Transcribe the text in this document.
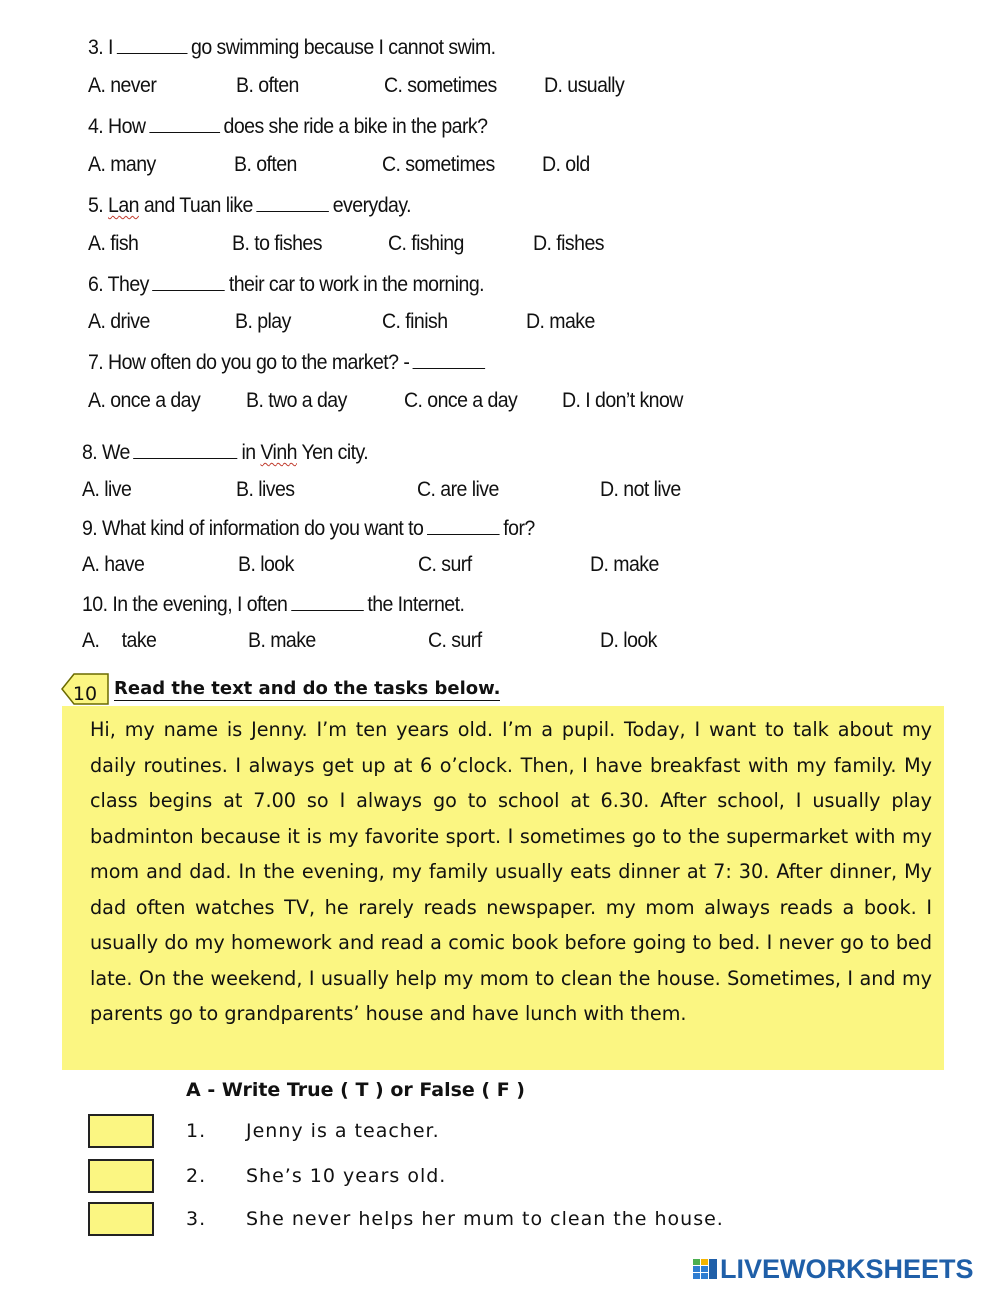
3. I	go swimming because I cannot swim.
A. never	B. often	C. sometimes D. usually
4. How	does she ride a bike in the park?
A. many	B. often	C. sometimes D. old
5. Lan and Tuan like	everyday.
A. fish	B. to fishes	C. fishing	D. fishes
6. They	their car to work in the morning.
A. drive	B. play	C. finish	D. make
7. How often do you go to the market? -
A. once a day B. two a day	C. once a day D. I don’t know
8. We	in Vinh Yen city.
A. live	B. lives	C. are live	D. not live
9. What kind of information do you want to	for?
A. have	B. look	C. surf	D. make
10. In the evening, I often	the Internet.
A. take	B. make	C. surf	D. look
10 Read the text and do the tasks below.
Hi, my name is Jenny. I’m ten years old. I’m a pupil. Today, I want to talk about my daily routines. I always get up at 6 o’clock. Then, I have breakfast with my family. My class begins at 7.00 so I always go to school at 6.30. After school, I usually play badminton because it is my favorite sport. I sometimes go to the supermarket with my mom and dad. In the evening, my family usually eats dinner at 7: 30. After dinner, My dad often watches TV, he rarely reads newspaper. my mom always reads a book. I usually do my homework and read a comic book before going to bed. I never go to bed late. On the weekend, I usually help my mom to clean the house. Sometimes, I and my parents go to grandparents’ house and have lunch with them.
A - Write True ( T ) or False ( F )
1. Jenny is a teacher.
2. She’s 10 years old.
3. She never helps her mum to clean the house.
LIVEWORKSHEETS
